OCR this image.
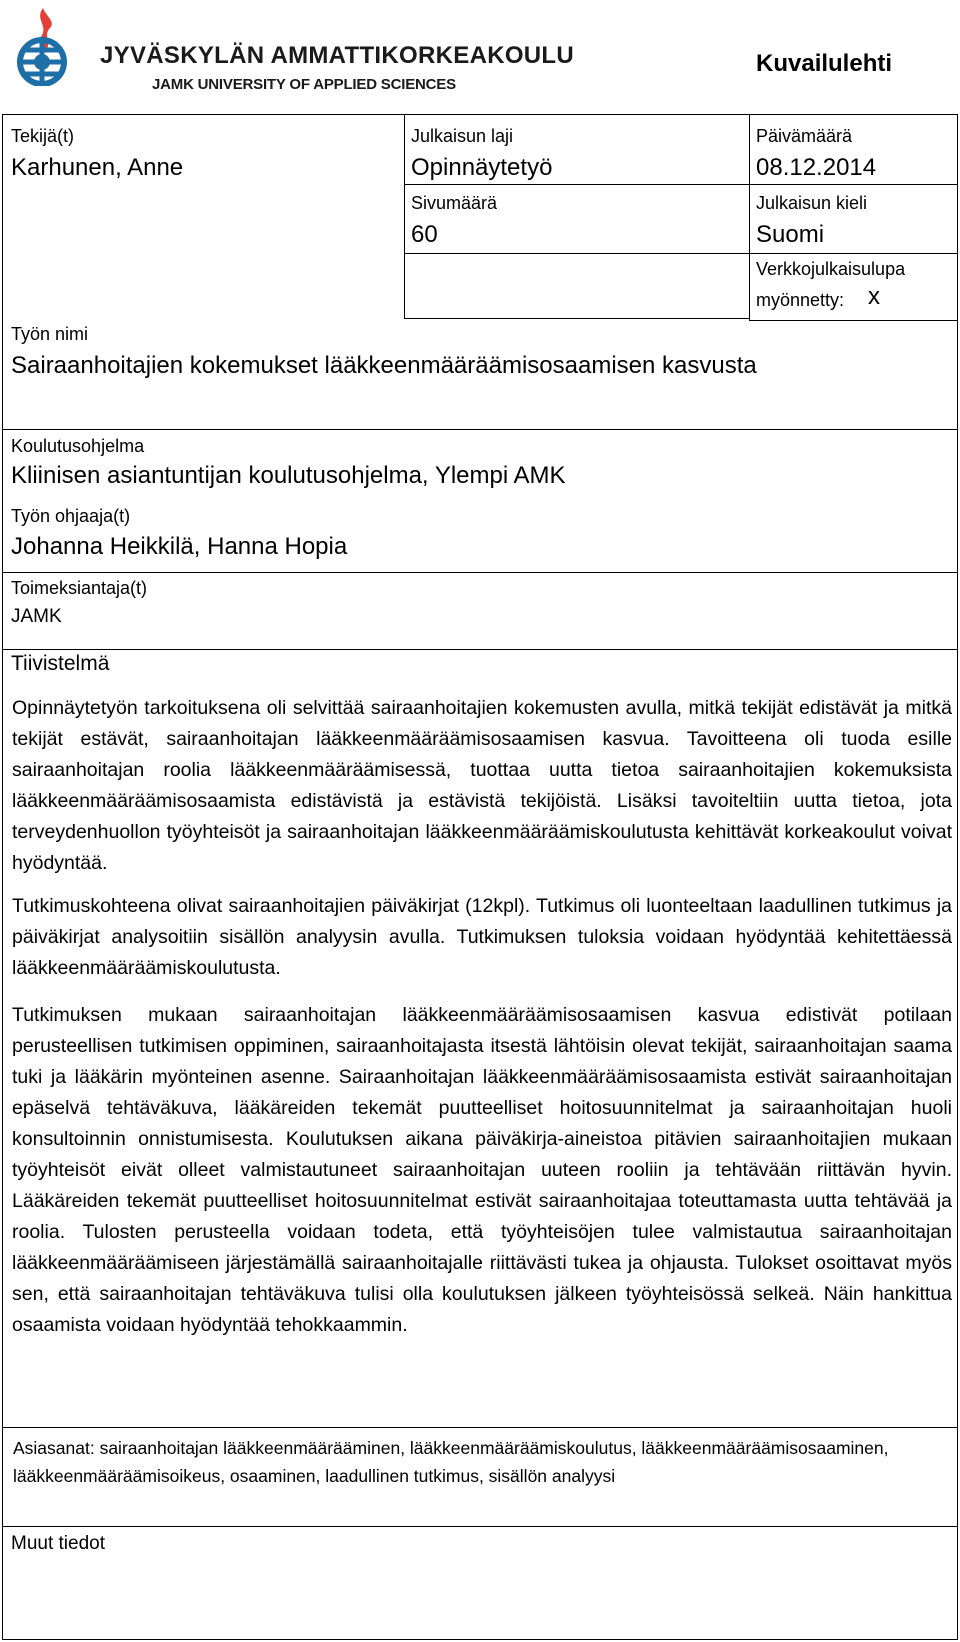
JYVÄSKYLÄN AMMATTIKORKEAKOULU
JAMK UNIVERSITY OF APPLIED SCIENCES
Kuvailulehti
Tekijä(t)
Karhunen, Anne
Julkaisun laji
Opinnäytetyö
Päivämäärä
08.12.2014
Sivumäärä
60
Julkaisun kieli
Suomi
Verkkojulkaisulupa
myönnetty: x
Työn nimi
Sairaanhoitajien kokemukset lääkkeenmääräämisosaamisen kasvusta
Koulutusohjelma
Kliinisen asiantuntijan koulutusohjelma, Ylempi AMK
Työn ohjaaja(t)
Johanna Heikkilä, Hanna Hopia
Toimeksiantaja(t)
JAMK
Tiivistelmä
Opinnäytetyön tarkoituksena oli selvittää sairaanhoitajien kokemusten avulla, mitkä tekijät edistävät ja mitkä tekijät estävät, sairaanhoitajan lääkkeenmääräämisosaamisen kasvua. Tavoitteena oli tuoda esille sairaanhoitajan roolia lääkkeenmääräämisessä, tuottaa uutta tietoa sairaanhoitajien kokemuksista lääkkeenmääräämisosaamista edistävistä ja estävistä tekijöistä. Lisäksi tavoiteltiin uutta tietoa, jota terveydenhuollon työyhteisöt ja sairaanhoitajan lääkkeenmääräämiskoulutusta kehittävät korkeakoulut voivat hyödyntää.
Tutkimuskohteena olivat sairaanhoitajien päiväkirjat (12kpl). Tutkimus oli luonteeltaan laadullinen tutkimus ja päiväkirjat analysoitiin sisällön analyysin avulla. Tutkimuksen tuloksia voidaan hyödyntää kehitettäessä lääkkeenmääräämiskoulutusta.
Tutkimuksen mukaan sairaanhoitajan lääkkeenmääräämisosaamisen kasvua edistivät potilaan perusteellisen tutkimisen oppiminen, sairaanhoitajasta itsestä lähtöisin olevat tekijät, sairaanhoitajan saama tuki ja lääkärin myönteinen asenne. Sairaanhoitajan lääkkeenmääräämisosaamista estivät sairaanhoitajan epäselvä tehtäväkuva, lääkäreiden tekemät puutteelliset hoitosuunnitelmat ja sairaanhoitajan huoli konsultoinnin onnistumisesta. Koulutuksen aikana päiväkirja-aineistoa pitävien sairaanhoitajien mukaan työyhteisöt eivät olleet valmistautuneet sairaanhoitajan uuteen rooliin ja tehtävään riittävän hyvin. Lääkäreiden tekemät puutteelliset hoitosuunnitelmat estivät sairaanhoitajaa toteuttamasta uutta tehtävää ja roolia. Tulosten perusteella voidaan todeta, että työyhteisöjen tulee valmistautua sairaanhoitajan lääkkeenmääräämiseen järjestämällä sairaanhoitajalle riittävästi tukea ja ohjausta. Tulokset osoittavat myös sen, että sairaanhoitajan tehtäväkuva tulisi olla koulutuksen jälkeen työyhteisössä selkeä. Näin hankittua osaamista voidaan hyödyntää tehokkaammin.
Asiasanat: sairaanhoitajan lääkkeenmäärääminen, lääkkeenmääräämiskoulutus, lääkkeenmääräämisosaaminen, lääkkeenmääräämisoikeus, osaaminen, laadullinen tutkimus, sisällön analyysi
Muut tiedot
